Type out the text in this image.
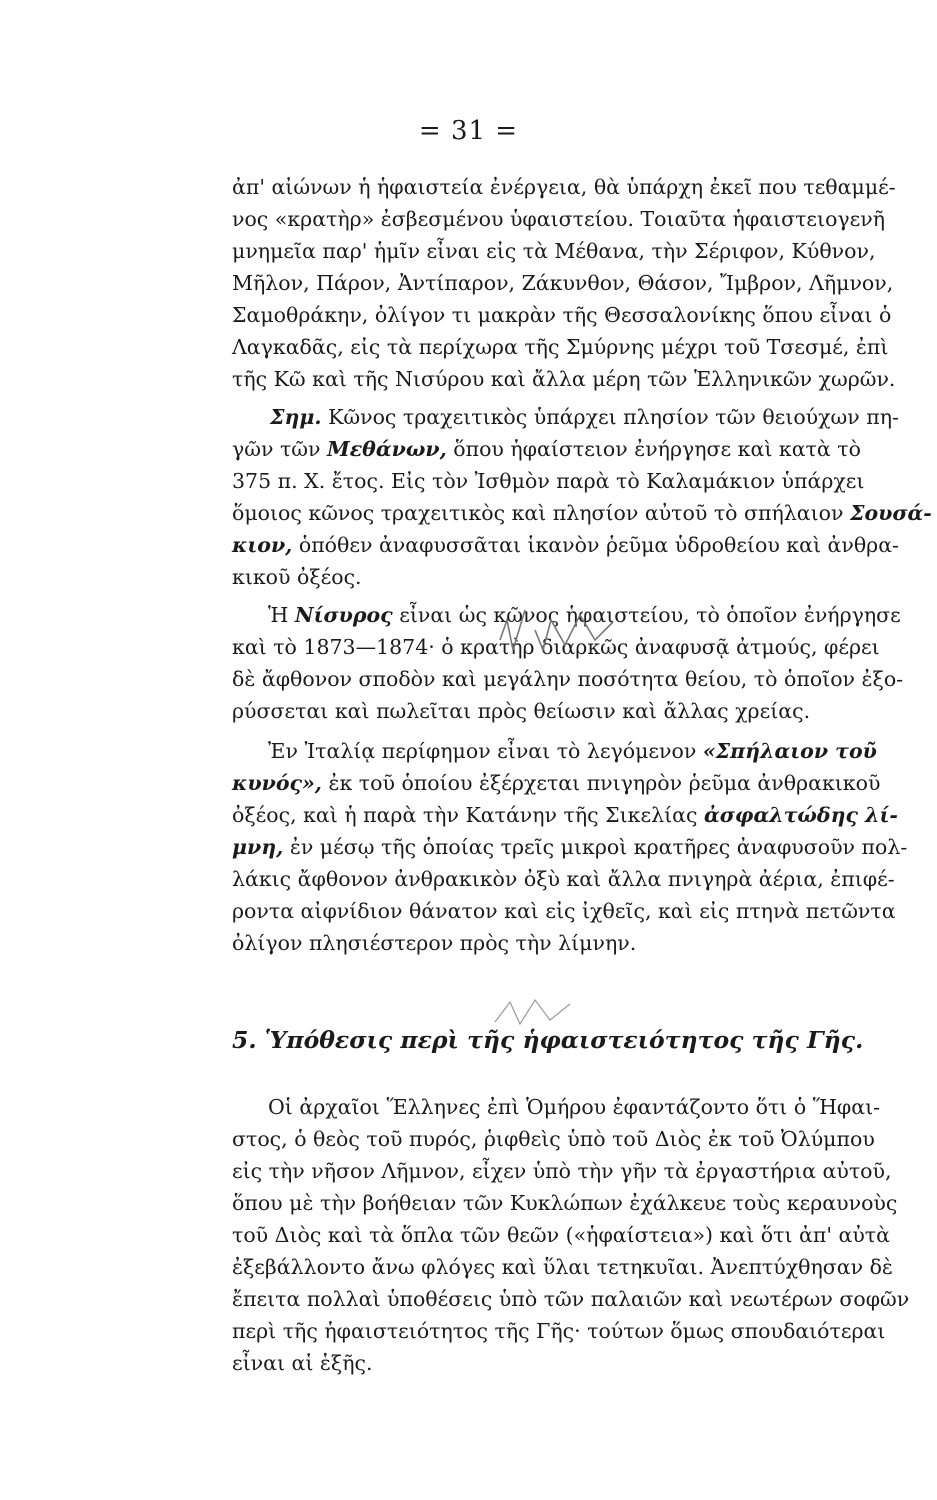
= 31 =
ἀπ' αἰώνων ἡ ἡφαιστεία ἐνέργεια, θὰ ὑπάρχη ἐκεῖ που τεθαμμέ-
νος «κρατὴρ» ἐσβεσμένου ὑφαιστείου. Τοιαῦτα ἡφαιστειογενῆ
μνημεῖα παρ' ἡμῖν εἶναι εἰς τὰ Μέθανα, τὴν Σέριφον, Κύθνον,
Μῆλον, Πάρον, Ἀντίπαρον, Ζάκυνθον, Θάσον, Ἴμβρον, Λῆμνον,
Σαμοθράκην, ὀλίγον τι μακρὰν τῆς Θεσσαλονίκης ὅπου εἶναι ὁ
Λαγκαδᾶς, εἰς τὰ περίχωρα τῆς Σμύρνης μέχρι τοῦ Τσεσμέ, ἐπὶ
τῆς Κῶ καὶ τῆς Νισύρου καὶ ἄλλα μέρη τῶν Ἑλληνικῶν χωρῶν.
Σημ. Κῶνος τραχειτικὸς ὑπάρχει πλησίον τῶν θειούχων πη-
γῶν τῶν Μεθάνων, ὅπου ἡφαίστειον ἐνήργησε καὶ κατὰ τὸ
375 π. Χ. ἔτος. Εἰς τὸν Ἰσθμὸν παρὰ τὸ Καλαμάκιον ὑπάρχει
ὅμοιος κῶνος τραχειτικὸς καὶ πλησίον αὐτοῦ τὸ σπήλαιον Σουσά-
κιον, ὁπόθεν ἀναφυσσᾶται ἱκανὸν ῥεῦμα ὑδροθείου καὶ ἀνθρα-
κικοῦ ὀξέος.
Ἡ Νίσυρος εἶναι ὡς κῶνος ἡφαιστείου, τὸ ὁποῖον ἐνήργησε
καὶ τὸ 1873—1874· ὁ κρατὴρ διαρκῶς ἀναφυσᾷ ἀτμούς, φέρει
δὲ ἄφθονον σποδὸν καὶ μεγάλην ποσότητα θείου, τὸ ὁποῖον ἐξο-
ρύσσεται καὶ πωλεῖται πρὸς θείωσιν καὶ ἄλλας χρείας.
Ἐν Ἰταλίᾳ περίφημον εἶναι τὸ λεγόμενον «Σπήλαιον τοῦ
κυνός», ἐκ τοῦ ὁποίου ἐξέρχεται πνιγηρὸν ῥεῦμα ἀνθρακικοῦ
ὀξέος, καὶ ἡ παρὰ τὴν Κατάνην τῆς Σικελίας ἀσφαλτώδης λί-
μνη, ἐν μέσῳ τῆς ὁποίας τρεῖς μικροὶ κρατῆρες ἀναφυσοῦν πολ-
λάκις ἄφθονον ἀνθρακικὸν ὀξὺ καὶ ἄλλα πνιγηρὰ ἀέρια, ἐπιφέ-
ροντα αἰφνίδιον θάνατον καὶ εἰς ἰχθεῖς, καὶ εἰς πτηνὰ πετῶντα
ὀλίγον πλησιέστερον πρὸς τὴν λίμνην.
5. Ὑπόθεσις περὶ τῆς ἡφαιστειότητος τῆς Γῆς.
Οἱ ἀρχαῖοι Ἕλληνες ἐπὶ Ὁμήρου ἐφαντάζοντο ὅτι ὁ Ἥφαι-
στος, ὁ θεὸς τοῦ πυρός, ῥιφθεὶς ὑπὸ τοῦ Διὸς ἐκ τοῦ Ὀλύμπου
εἰς τὴν νῆσον Λῆμνον, εἶχεν ὑπὸ τὴν γῆν τὰ ἐργαστήρια αὐτοῦ,
ὅπου μὲ τὴν βοήθειαν τῶν Κυκλώπων ἐχάλκευε τοὺς κεραυνοὺς
τοῦ Διὸς καὶ τὰ ὅπλα τῶν θεῶν («ἡφαίστεια») καὶ ὅτι ἀπ' αὐτὰ
ἐξεβάλλοντο ἄνω φλόγες καὶ ὕλαι τετηκυῖαι. Ἀνεπτύχθησαν δὲ
ἔπειτα πολλαὶ ὑποθέσεις ὑπὸ τῶν παλαιῶν καὶ νεωτέρων σοφῶν
περὶ τῆς ἡφαιστειότητος τῆς Γῆς· τούτων ὅμως σπουδαιότεραι
εἶναι αἱ ἑξῆς.
